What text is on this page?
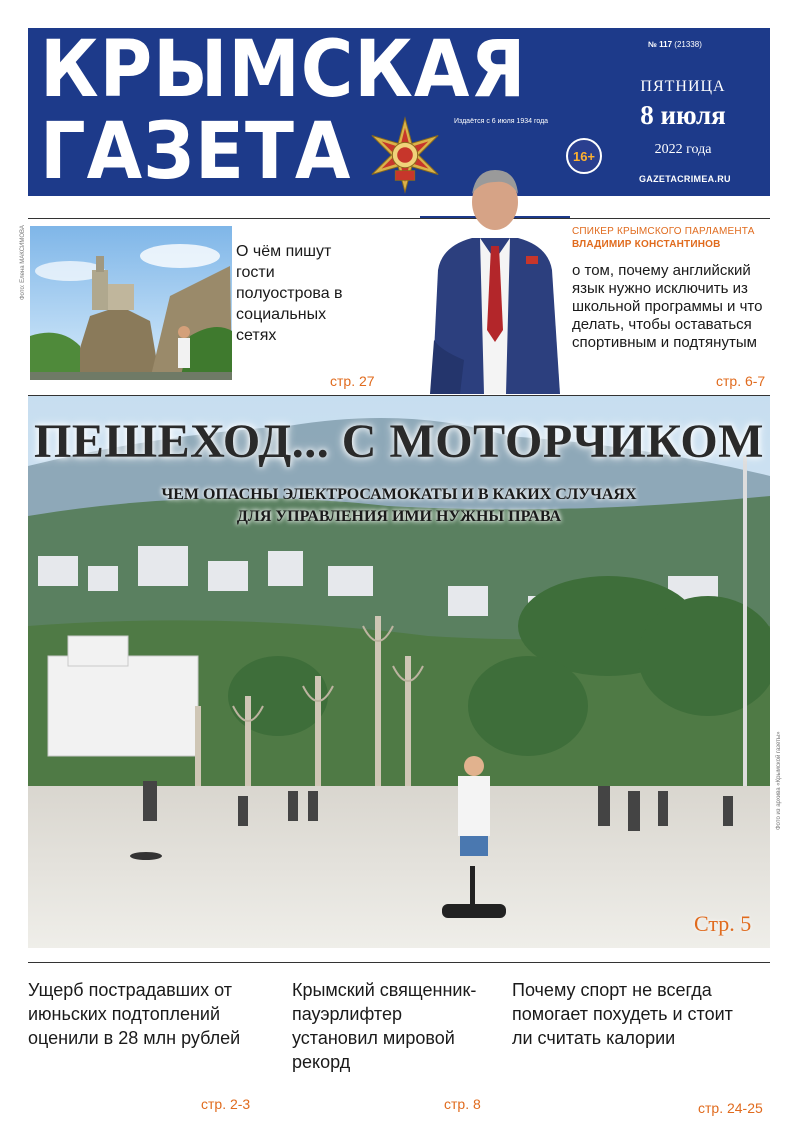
КРЫМСКАЯ
ГАЗЕТА	Издаётся с 6 июля 1934 года
№ 117 (21338)
ПЯТНИЦА
8 июля
2022 года
16+
GAZETACRIMEA.RU
Фото: Елена МАКСИМОВА	О чём пишут гости полуострова в социальных сетях
стр. 27
СПИКЕР КРЫМСКОГО ПАРЛАМЕНТА
ВЛАДИМИР КОНСТАНТИНОВ
о том, почему английский язык нужно исключить из школьной программы и что делать, чтобы оставаться спортивным и подтянутым
стр. 6-7
ПЕШЕХОД... С МОТОРЧИКОМ
ЧЕМ ОПАСНЫ ЭЛЕКТРОСАМОКАТЫ И В КАКИХ СЛУЧАЯХ
ДЛЯ УПРАВЛЕНИЯ ИМИ НУЖНЫ ПРАВА
Стр. 5
Фото из архива «Крымской газеты»
Ущерб пострадавших от июньских подтоплений оценили в 28 млн рублей
стр. 2-3
Крымский священник-пауэрлифтер установил мировой рекорд
стр. 8
Почему спорт не всегда помогает похудеть и стоит ли считать калории
стр. 24-25
